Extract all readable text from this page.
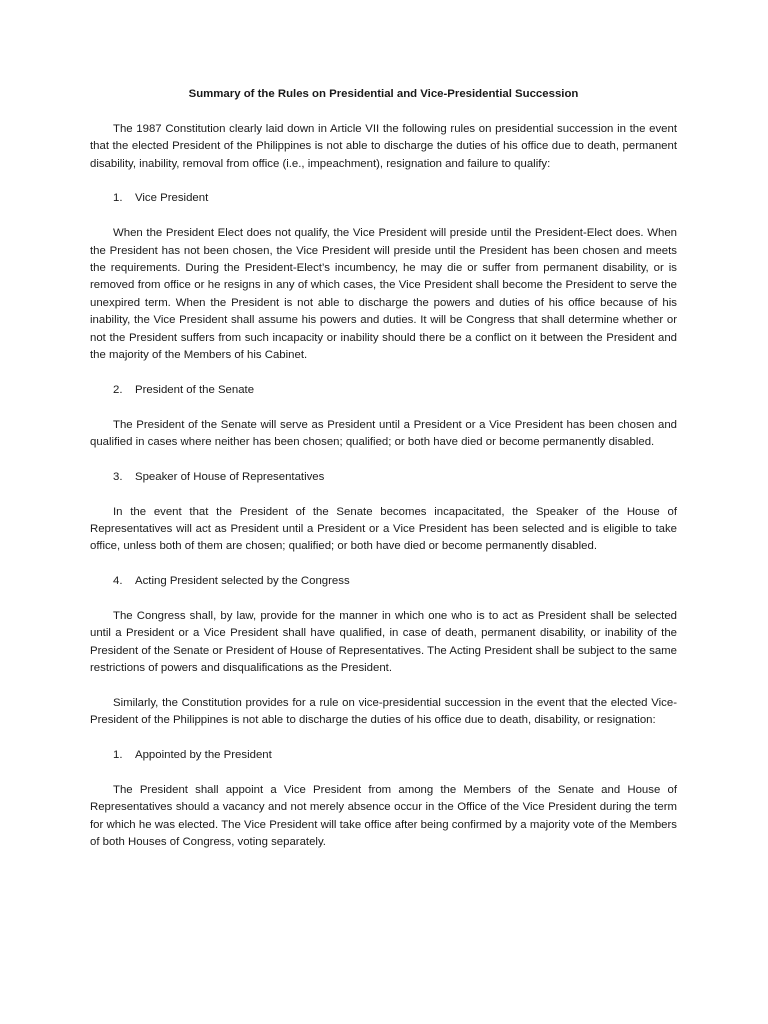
Summary of the Rules on Presidential and Vice-Presidential Succession

The 1987 Constitution clearly laid down in Article VII the following rules on presidential succession in the event that the elected President of the Philippines is not able to discharge the duties of his office due to death, permanent disability, inability, removal from office (i.e., impeachment), resignation and failure to qualify:

1. Vice President

When the President Elect does not qualify, the Vice President will preside until the President-Elect does. When the President has not been chosen, the Vice President will preside until the President has been chosen and meets the requirements. During the President-Elect’s incumbency, he may die or suffer from permanent disability, or is removed from office or he resigns in any of which cases, the Vice President shall become the President to serve the unexpired term. When the President is not able to discharge the powers and duties of his office because of his inability, the Vice President shall assume his powers and duties. It will be Congress that shall determine whether or not the President suffers from such incapacity or inability should there be a conflict on it between the President and the majority of the Members of his Cabinet.

2. President of the Senate

The President of the Senate will serve as President until a President or a Vice President has been chosen and qualified in cases where neither has been chosen; qualified; or both have died or become permanently disabled.

3. Speaker of House of Representatives

In the event that the President of the Senate becomes incapacitated, the Speaker of the House of Representatives will act as President until a President or a Vice President has been selected and is eligible to take office, unless both of them are chosen; qualified; or both have died or become permanently disabled.

4. Acting President selected by the Congress

The Congress shall, by law, provide for the manner in which one who is to act as President shall be selected until a President or a Vice President shall have qualified, in case of death, permanent disability, or inability of the President of the Senate or President of House of Representatives. The Acting President shall be subject to the same restrictions of powers and disqualifications as the President.

Similarly, the Constitution provides for a rule on vice-presidential succession in the event that the elected Vice-President of the Philippines is not able to discharge the duties of his office due to death, disability, or resignation:

1. Appointed by the President

The President shall appoint a Vice President from among the Members of the Senate and House of Representatives should a vacancy and not merely absence occur in the Office of the Vice President during the term for which he was elected. The Vice President will take office after being confirmed by a majority vote of the Members of both Houses of Congress, voting separately.
